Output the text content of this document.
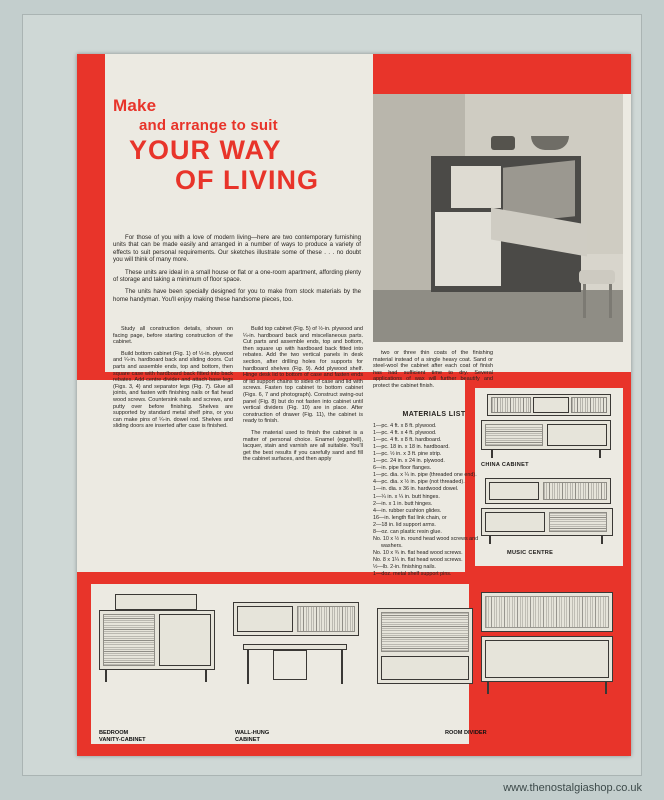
Make
and arrange to suit
YOUR WAY
OF LIVING

For those of you with a love of modern living—here are two contemporary furnishing units that can be made easily and arranged in a number of ways to produce a variety of effects to suit personal requirements. Our sketches illustrate some of these . . . no doubt you will think of many more.

These units are ideal in a small house or flat or a one-room apartment, affording plenty of storage and taking a minimum of floor space.

The units have been specially designed for you to make from stock materials by the home handyman. You'll enjoy making these handsome pieces, too.

Study all construction details, shown on facing page, before starting construction of the cabinet.

Build bottom cabinet (Fig. 1) of ½-in. plywood and ¼-in. hardboard back and sliding doors. Cut parts and assemble ends, top and bottom, then square case with hardboard back fitted into back rebates. Add centre divider and attach base legs (Figs. 3, 4) and separator legs (Fig. 7). Glue all joints, and fasten with finishing nails or flat head wood screws. Countersink nails and screws, and putty over before finishing. Shelves are supported by standard metal shelf pins, or you can make pins of ¼-in. dowel rod. Shelves and sliding doors are inserted after case is finished.

Build top cabinet (Fig. 5) of ½-in. plywood and ¼-in. hardboard back and miscellaneous parts. Cut parts and assemble ends, top and bottom, then square up with hardboard back fitted into rebates. Add the two vertical panels in desk section, after drilling holes for supports for hardboard shelves (Fig. 9). Add plywood shelf. Hinge desk lid to bottom of case and fasten ends of lid support chains to sides of case and lid with screws. Fasten top cabinet to bottom cabinet (Figs. 6, 7 and photograph). Construct swing-out panel (Fig. 8) but do not fasten into cabinet until vertical dividers (Fig. 10) are in place. After construction of drawer (Fig. 11), the cabinet is ready to finish.

The material used to finish the cabinet is a matter of personal choice. Enamel (eggshell), lacquer, stain and varnish are all suitable. You'll get the best results if you carefully sand and fill the cabinet surfaces, and then apply

two or three thin coats of the finishing material instead of a single heavy coat. Sand or steel-wool the cabinet after each coat of finish has had sufficient time to dry. Several applications of wax will further beautify and protect the cabinet finish.

MATERIALS LIST
1—pc. 4 ft. x 8 ft. plywood.
1—pc. 4 ft. x 4 ft. plywood.
1—pc. 4 ft. x 8 ft. hardboard.
1—pc. 18 in. x 18 in. hardboard.
1—pc. ½ in. x 3 ft. pine strip.
1—pc. 24 in. x 24 in. plywood.
6—in. pipe floor flanges.
1—pc. dia. x ¼ in. pipe (threaded one end).
4—pc. dia. x ½ in. pipe (not threaded).
1—in. dia. x 36 in. hardwood dowel.
1—¼ in. x ¼ in. butt hinges.
2—in. x 1 in. butt hinges.
4—in. rubber cushion glides.
16—in. length flat link chain, or
2—18 in. lid support arms.
8—oz. can plastic resin glue.
No. 10 x ½ in. round head wood screws and washers.
No. 10 x ¾ in. flat head wood screws.
No. 8 x 1¼ in. flat head wood screws.
½—lb. 2-in. finishing nails.
1—doz. metal shelf support pins.
CHINA CABINET
MUSIC CENTRE
BEDROOM
VANITY-CABINET
WALL-HUNG
CABINET
ROOM DIVIDER
www.thenostalgiashop.co.uk
